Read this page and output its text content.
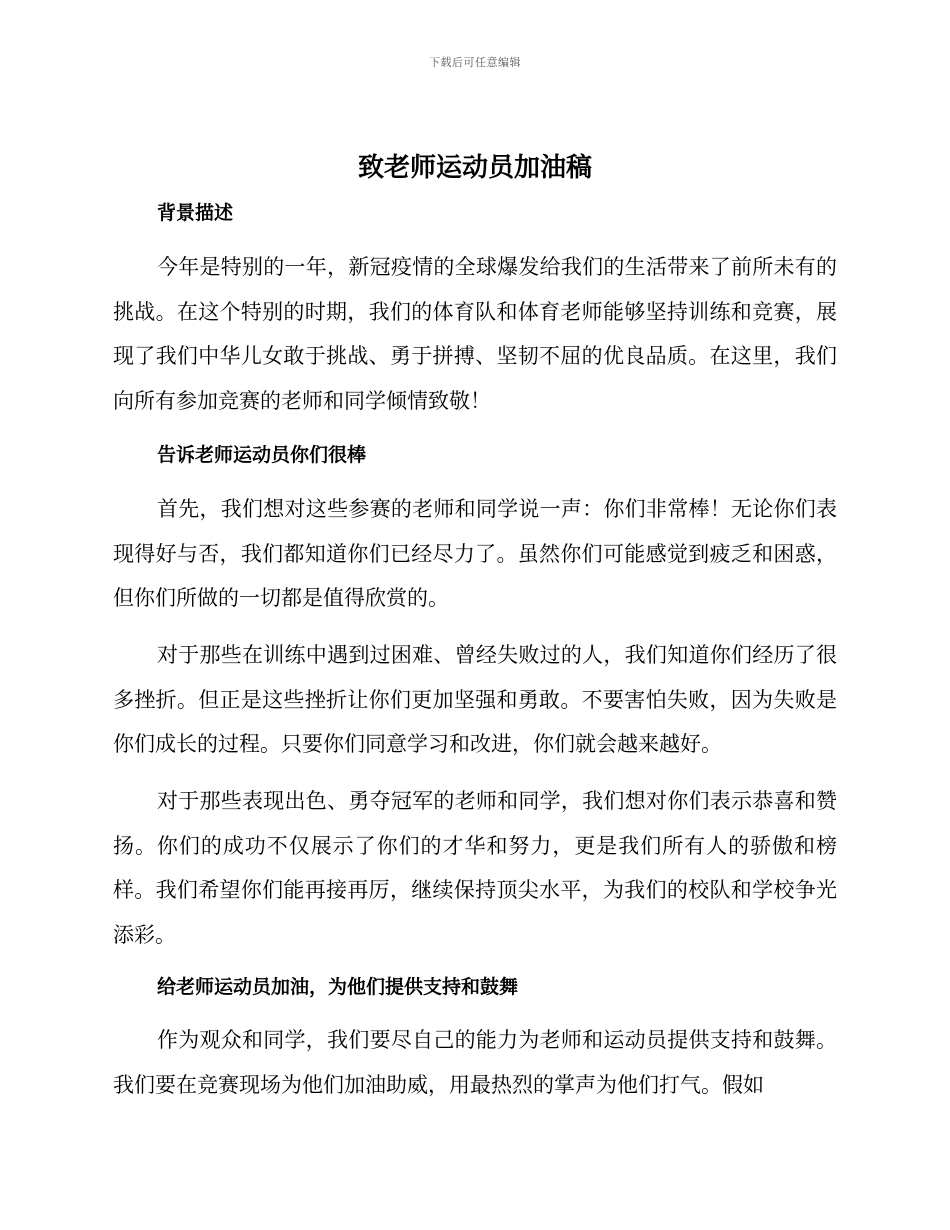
下载后可任意编辑
致老师运动员加油稿
背景描述

今年是特别的一年，新冠疫情的全球爆发给我们的生活带来了前所未有的挑战。在这个特别的时期，我们的体育队和体育老师能够坚持训练和竞赛，展现了我们中华儿女敢于挑战、勇于拼搏、坚韧不屈的优良品质。在这里，我们向所有参加竞赛的老师和同学倾情致敬！

告诉老师运动员你们很棒

首先，我们想对这些参赛的老师和同学说一声：你们非常棒！无论你们表现得好与否，我们都知道你们已经尽力了。虽然你们可能感觉到疲乏和困惑，但你们所做的一切都是值得欣赏的。

对于那些在训练中遇到过困难、曾经失败过的人，我们知道你们经历了很多挫折。但正是这些挫折让你们更加坚强和勇敢。不要害怕失败，因为失败是你们成长的过程。只要你们同意学习和改进，你们就会越来越好。

对于那些表现出色、勇夺冠军的老师和同学，我们想对你们表示恭喜和赞扬。你们的成功不仅展示了你们的才华和努力，更是我们所有人的骄傲和榜样。我们希望你们能再接再厉，继续保持顶尖水平，为我们的校队和学校争光添彩。

给老师运动员加油，为他们提供支持和鼓舞

作为观众和同学，我们要尽自己的能力为老师和运动员提供支持和鼓舞。我们要在竞赛现场为他们加油助威，用最热烈的掌声为他们打气。假如
